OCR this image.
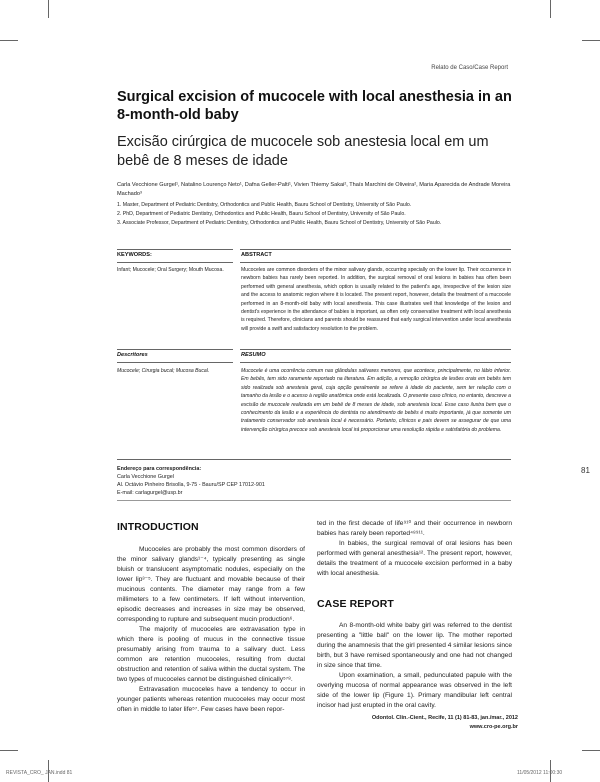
Relato de Caso/Case Report
Surgical excision of mucocele with local anesthesia in an 8-month-old baby
Excisão cirúrgica de mucocele sob anestesia local em um bebê de 8 meses de idade
Carla Vecchione Gurgel¹, Natalino Lourenço Neto¹, Dafna Geller-Palti¹, Vivien Thiemy Sakai², Thaís Marchini de Oliveira², Maria Aparecida de Andrade Moreira Machado³
1. Master, Department of Pediatric Dentistry, Orthodontics and Public Health, Bauru School of Dentistry, University of São Paulo.
2. PhD, Department of Pediatric Dentistry, Orthodontics and Public Health, Bauru School of Dentistry, University of São Paulo.
3. Associate Professor, Department of Pediatric Dentistry, Orthodontics and Public Health, Bauru School of Dentistry, University of São Paulo.
KEYWORDS:	ABSTRACT
Infant; Mucocele; Oral Surgery; Mouth Mucosa.	Mucoceles are common disorders of the minor salivary glands, occurring specially on the lower lip. Their occurrence in newborn babies has rarely been reported. In addition, the surgical removal of oral lesions in babies has often been performed with general anesthesia, which option is usually related to the patient's age, irrespective of the lesion size and the access to anatomic region where it is located. The present report, however, details the treatment of a mucocele performed in an 8-month-old baby with local anesthesia. This case illustrates well that knowledge of the lesion and dentist's experience in the attendance of babies is important, as often only conservative treatment with local anesthesia is required. Therefore, clinicians and parents should be reassured that early surgical intervention under local anesthesia will provide a swift and satisfactory resolution to the problem.
Descritores	RESUMO
Mucocele; Cirurgia bucal; Mucosa Bucal.	Mucocele é uma ocorrência comum nas glândulas salivares menores, que acontece, principalmente, no lábio inferior. Em bebês, tem sido raramente reportado na literatura. Em adição, a remoção cirúrgica de lesões orais em bebês tem sido realizada sob anestesia geral, cuja opção geralmente se refere à idade do paciente, sem ter relação com o tamanho da lesão e o acesso à região anatômica onde está localizada. O presente caso clínico, no entanto, descreve a excisão de mucocele realizada em um bebê de 8 meses de idade, sob anestesia local. Esse caso ilustra bem que o conhecimento da lesão e a experiência do dentista no atendimento de bebês é muito importante, já que somente um tratamento conservador sob anestesia local é necessário. Portanto, clínicos e pais devem se assegurar de que uma intervenção cirúrgica precoce sob anestesia local irá proporcionar uma resolução rápida e satisfatória do problema.
81
Endereço para correspondência:
Carla Vecchione Gurgel
Al. Octávio Pinheiro Brisolla, 9-75 - Bauru/SP CEP 17012-901
E-mail: carlagurgel@usp.br
INTRODUCTION

Mucoceles are probably the most common disorders of the minor salivary glands¹⁻⁴, typically presenting as single bluish or translucent asymptomatic nodules, especially on the lower lip³⁻⁵. They are fluctuant and movable because of their mucinous contents. The diameter may range from a few millimeters to a few centimeters. If left without intervention, episodic decreases and increases in size may be observed, corresponding to rupture and subsequent mucin production⁶.

The majority of mucoceles are extravasation type in which there is pooling of mucus in the connective tissue presumably arising from trauma to a salivary duct. Less common are retention mucoceles, resulting from ductal obstruction and retention of saliva within the ductal system. The two types of mucoceles cannot be distinguished clinically⁵⁷⁸.

Extravasation mucoceles have a tendency to occur in younger patients whereas retention mucoceles may occur most often in middle to later life⁵⁷. Few cases have been repor-

ted in the first decade of life⁹¹⁰ and their occurrence in newborn babies has rarely been reported⁴⁸⁹¹¹.

In babies, the surgical removal of oral lesions has been performed with general anesthesia¹². The present report, however, details the treatment of a mucocele excision performed in a baby with local anesthesia.

CASE REPORT

An 8-month-old white baby girl was referred to the dentist presenting a "little ball" on the lower lip. The mother reported during the anamnesis that the girl presented 4 similar lesions since birth, but 3 have remised spontaneously and one had not changed in size since that time.

Upon examination, a small, pedunculated papule with the overlying mucosa of normal appearance was observed in the left side of the lower lip (Figure 1). Primary mandibular left central incisor had just erupted in the oral cavity.

Odontol. Clín.-Cient., Recife, 11 (1) 81-83, jan./mar., 2012
www.cro-pe.org.br
REVISTA_CRO_ JAN.indd 81	11/05/2012 11:00:30
